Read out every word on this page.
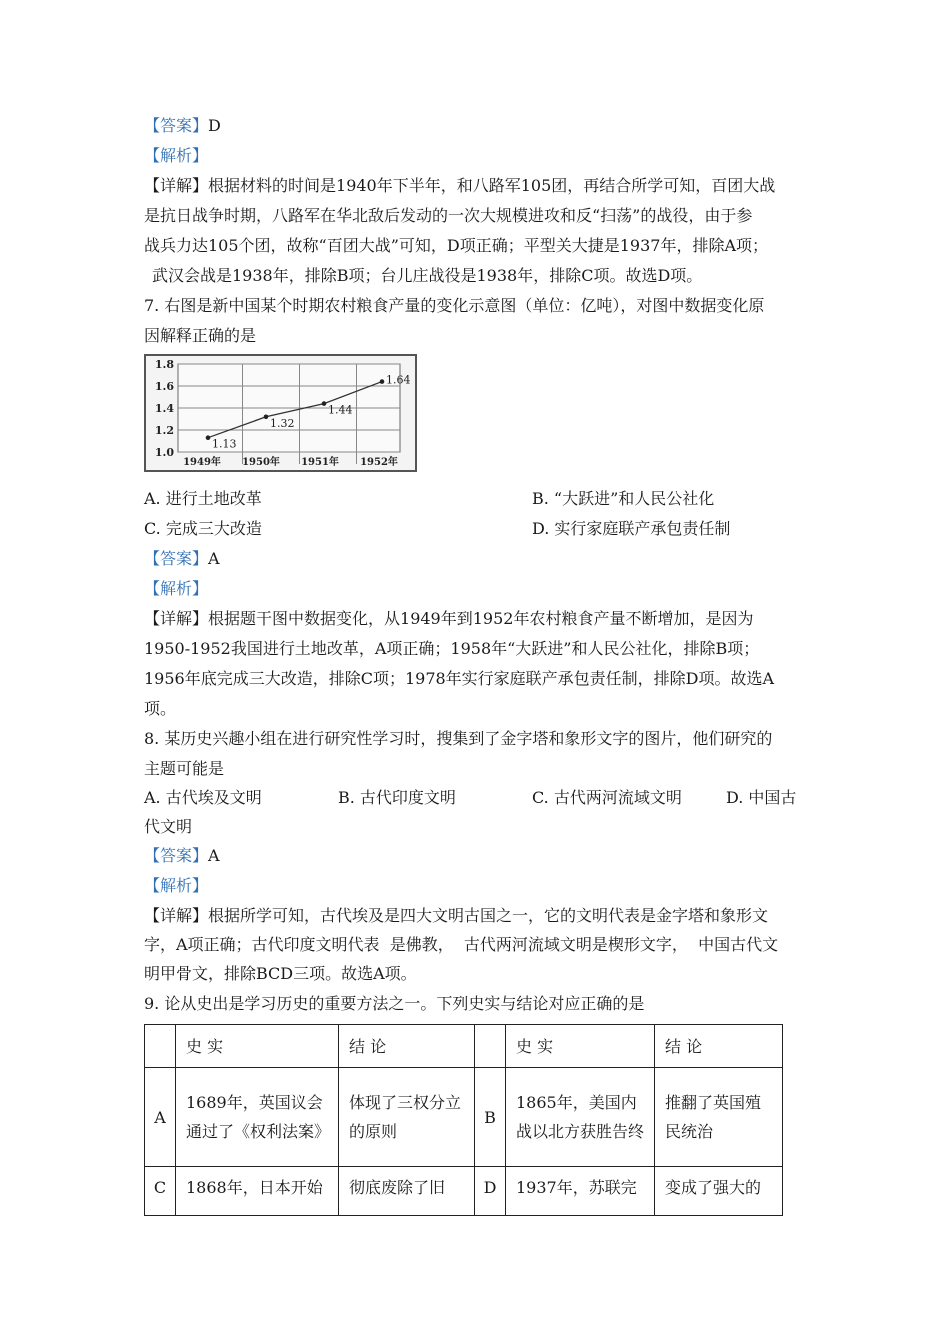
【答案】D
【解析】
【详解】根据材料的时间是1940年下半年，和八路军105团，再结合所学可知，百团大战
是抗日战争时期，八路军在华北敌后发动的一次大规模进攻和反“扫荡”的战役，由于参
战兵力达105个团，故称“百团大战”可知，D项正确；平型关大捷是1937年，排除A项；
武汉会战是1938年，排除B项；台儿庄战役是1938年，排除C项。故选D项。
7. 右图是新中国某个时期农村粮食产量的变化示意图（单位：亿吨），对图中数据变化原
因解释正确的是
1.0
1.2
1.4
1.6
1.8
1949年 1950年 1951年 1952年
1.13
1.32
1.44
1.64
A. 进行土地改革	B. “大跃进”和人民公社化
C. 完成三大改造	D. 实行家庭联产承包责任制
【答案】A
【解析】
【详解】根据题干图中数据变化，从1949年到1952年农村粮食产量不断增加，是因为
1950-1952我国进行土地改革，A项正确；1958年“大跃进”和人民公社化，排除B项；
1956年底完成三大改造，排除C项；1978年实行家庭联产承包责任制，排除D项。故选A
项。
8. 某历史兴趣小组在进行研究性学习时，搜集到了金字塔和象形文字的图片，他们研究的
主题可能是
A. 古代埃及文明	B. 古代印度文明	C. 古代两河流域文明	D. 中国古
代文明
【答案】A
【解析】
【详解】根据所学可知，古代埃及是四大文明古国之一，它的文明代表是金字塔和象形文
字，A项正确；古代印度文明代表  是佛教，  古代两河流域文明是楔形文字，  中国古代文
明甲骨文，排除BCD三项。故选A项。
9. 论从史出是学习历史的重要方法之一。下列史实与结论对应正确的是
	史 实	结 论		史 实	结 论
A	1689年，英国议会通过了《权利法案》	体现了三权分立的原则	B	1865年，美国内战以北方获胜告终	推翻了英国殖民统治
C	1868年，日本开始	彻底废除了旧	D	1937年，苏联完	变成了强大的
